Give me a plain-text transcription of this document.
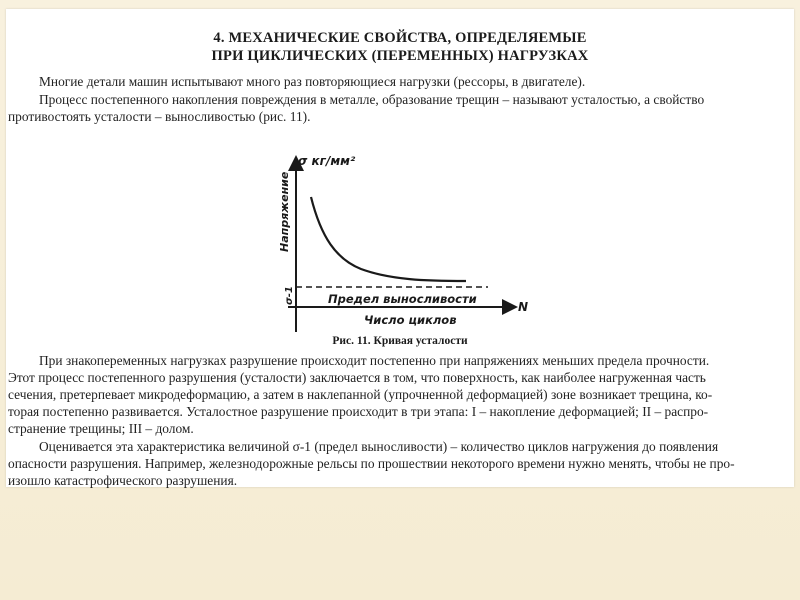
4. МЕХАНИЧЕСКИЕ СВОЙСТВА, ОПРЕДЕЛЯЕМЫЕ
ПРИ ЦИКЛИЧЕСКИХ (ПЕРЕМЕННЫХ) НАГРУЗКАХ
Многие детали машин испытывают много раз повторяющиеся нагрузки (рессоры, в двигателе).
Процесс постепенного накопления повреждения в металле, образование трещин – называют усталостью, а свойство
противостоять усталости – выносливостью (рис. 11).
σ кг/мм²
Напряжение
σ-1	Предел выносливости
N
Число циклов
Рис. 11. Кривая усталости
При знакопеременных нагрузках разрушение происходит постепенно при напряжениях меньших предела прочности.
Этот процесс постепенного разрушения (усталости) заключается в том, что поверхность, как наиболее нагруженная часть
сечения, претерпевает микродеформацию, а затем в наклепанной (упрочненной деформацией) зоне возникает трещина, ко-
торая постепенно развивается. Усталостное разрушение происходит в три этапа: I – накопление деформацией; II – распро-
странение трещины; III – долом.
Оценивается эта характеристика величиной σ-1 (предел выносливости) – количество циклов нагружения до появления
опасности разрушения. Например, железнодорожные рельсы по прошествии некоторого времени нужно менять, чтобы не про-
изошло катастрофического разрушения.
